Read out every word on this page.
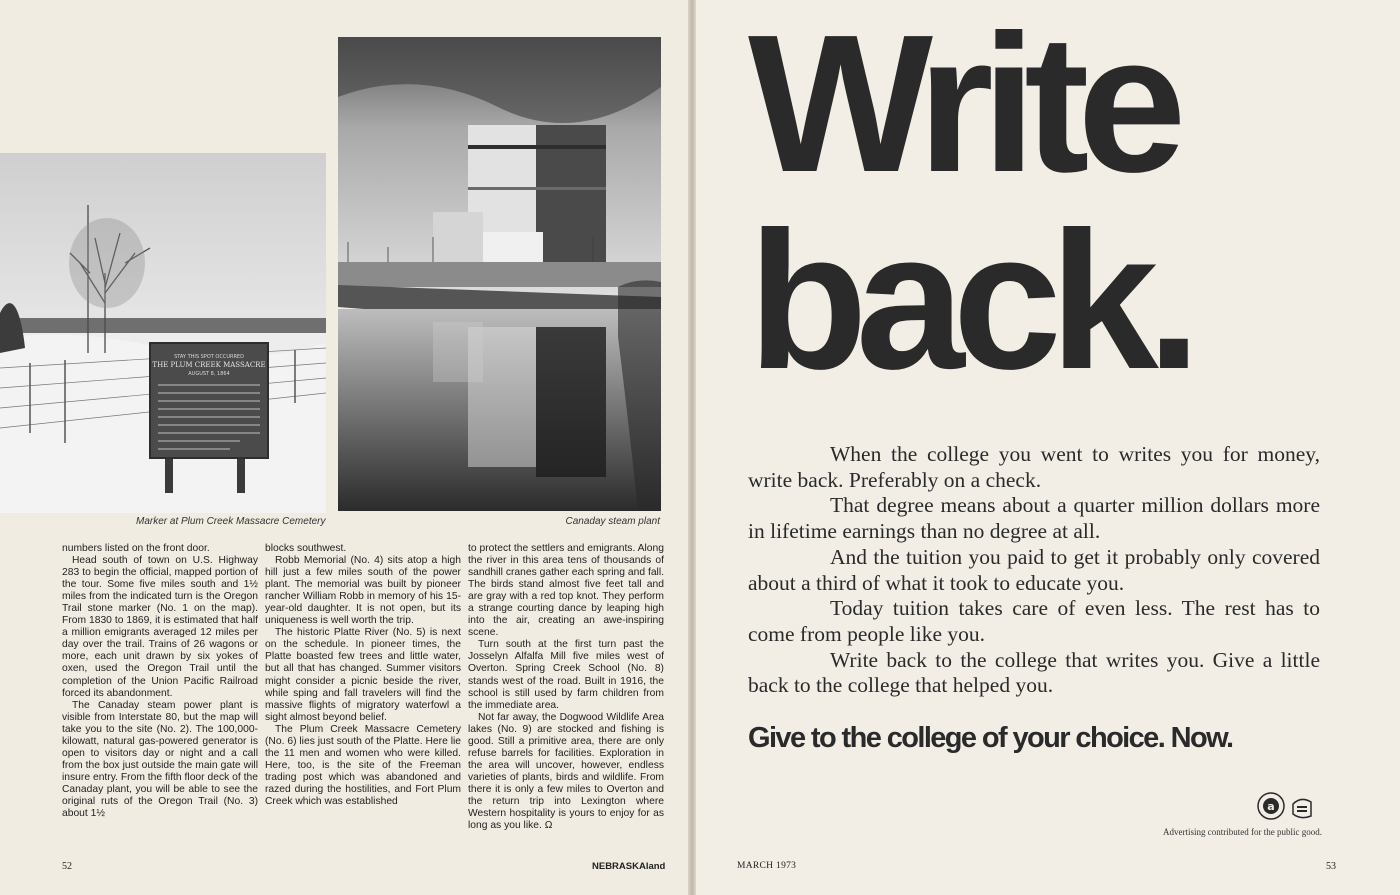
STAY THIS SPOT OCCURRED
THE PLUM CREEK MASSACRE
AUGUST 8, 1864
Marker at Plum Creek Massacre Cemetery	Canaday steam plant

numbers listed on the front door.

Head south of town on U.S. Highway 283 to begin the official, mapped portion of the tour. Some five miles south and 1½ miles from the indicated turn is the Oregon Trail stone marker (No. 1 on the map). From 1830 to 1869, it is estimated that half a million emigrants averaged 12 miles per day over the trail. Trains of 26 wagons or more, each unit drawn by six yokes of oxen, used the Oregon Trail until the completion of the Union Pacific Railroad forced its abandonment.

The Canaday steam power plant is visible from Interstate 80, but the map will take you to the site (No. 2). The 100,000-kilowatt, natural gas-powered generator is open to visitors day or night and a call from the box just outside the main gate will insure entry. From the fifth floor deck of the Canaday plant, you will be able to see the original ruts of the Oregon Trail (No. 3) about 1½

blocks southwest.

Robb Memorial (No. 4) sits atop a high hill just a few miles south of the power plant. The memorial was built by pioneer rancher William Robb in memory of his 15-year-old daughter. It is not open, but its uniqueness is well worth the trip.

The historic Platte River (No. 5) is next on the schedule. In pioneer times, the Platte boasted few trees and little water, but all that has changed. Summer visitors might consider a picnic beside the river, while sping and fall travelers will find the massive flights of migratory waterfowl a sight almost beyond belief.

The Plum Creek Massacre Cemetery (No. 6) lies just south of the Platte. Here lie the 11 men and women who were killed. Here, too, is the site of the Freeman trading post which was abandoned and razed during the hostilities, and Fort Plum Creek which was established

to protect the settlers and emigrants. Along the river in this area tens of thousands of sandhill cranes gather each spring and fall. The birds stand almost five feet tall and are gray with a red top knot. They perform a strange courting dance by leaping high into the air, creating an awe-inspiring scene.

Turn south at the first turn past the Josselyn Alfalfa Mill five miles west of Overton. Spring Creek School (No. 8) stands west of the road. Built in 1916, the school is still used by farm children from the immediate area.

Not far away, the Dogwood Wildlife Area lakes (No. 9) are stocked and fishing is good. Still a primitive area, there are only refuse barrels for facilities. Exploration in the area will uncover, however, endless varieties of plants, birds and wildlife. From there it is only a few miles to Overton and the return trip into Lexington where Western hospitality is yours to enjoy for as long as you like. Ω

52	NEBRASKAland
Write
back.

When the college you went to writes you for money, write back. Preferably on a check.

That degree means about a quarter million dollars more in lifetime earnings than no degree at all.

And the tuition you paid to get it probably only covered about a third of what it took to educate you.

Today tuition takes care of even less. The rest has to come from people like you.

Write back to the college that writes you. Give a little back to the college that helped you.

Give to the college of your choice. Now.
a
Advertising contributed for the public good.
MARCH 1973	53
